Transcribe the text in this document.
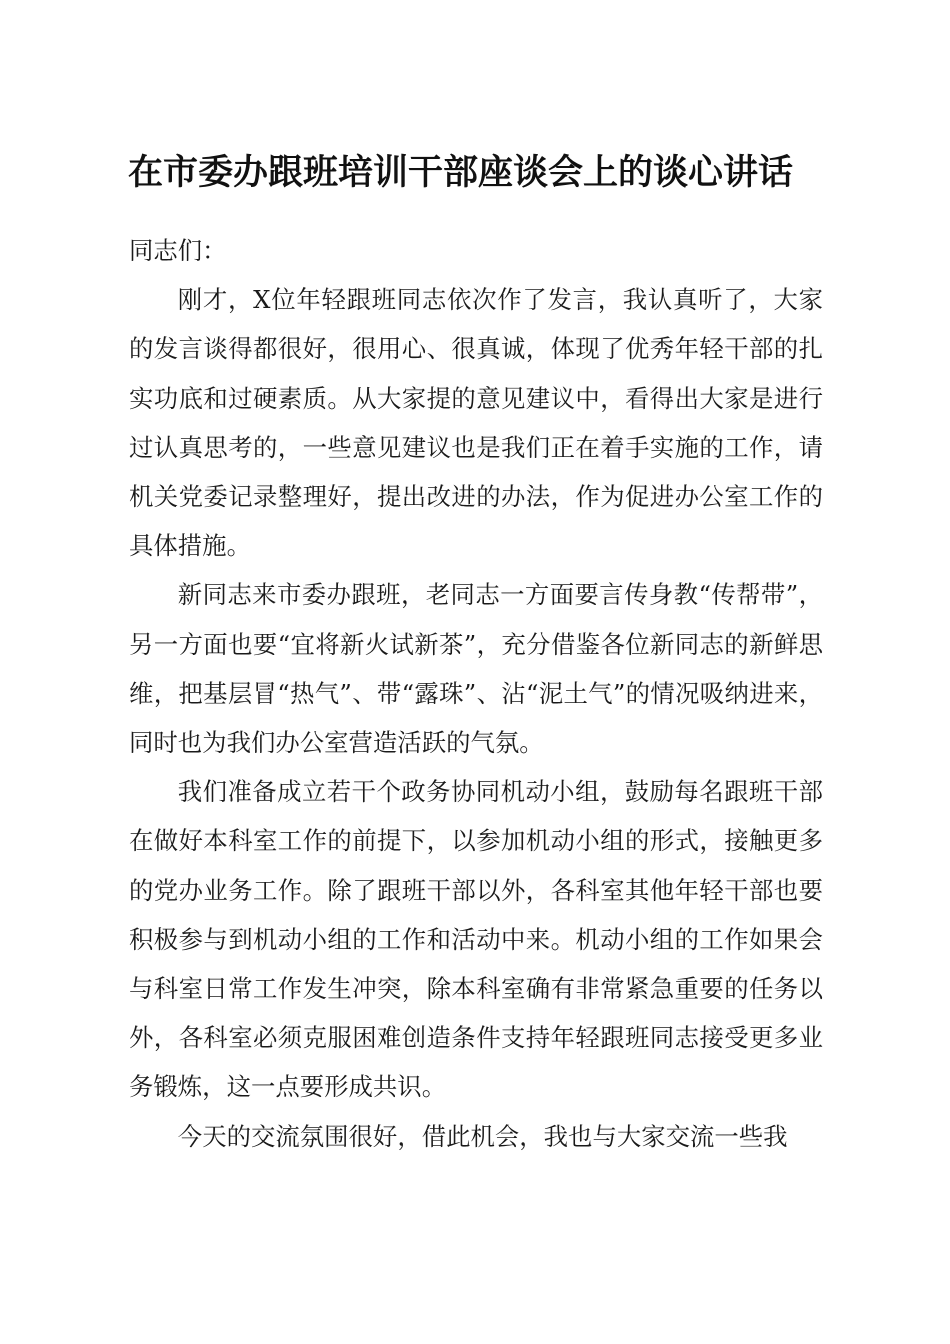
在市委办跟班培训干部座谈会上的谈心讲话

同志们：

刚才，X位年轻跟班同志依次作了发言，我认真听了，大家的发言谈得都很好，很用心、很真诚，体现了优秀年轻干部的扎实功底和过硬素质。从大家提的意见建议中，看得出大家是进行过认真思考的，一些意见建议也是我们正在着手实施的工作，请机关党委记录整理好，提出改进的办法，作为促进办公室工作的具体措施。

新同志来市委办跟班，老同志一方面要言传身教“传帮带”，另一方面也要“宜将新火试新茶”，充分借鉴各位新同志的新鲜思维，把基层冒“热气”、带“露珠”、沾“泥土气”的情况吸纳进来，同时也为我们办公室营造活跃的气氛。

我们准备成立若干个政务协同机动小组，鼓励每名跟班干部在做好本科室工作的前提下，以参加机动小组的形式，接触更多的党办业务工作。除了跟班干部以外，各科室其他年轻干部也要积极参与到机动小组的工作和活动中来。机动小组的工作如果会与科室日常工作发生冲突，除本科室确有非常紧急重要的任务以外，各科室必须克服困难创造条件支持年轻跟班同志接受更多业务锻炼，这一点要形成共识。

今天的交流氛围很好，借此机会，我也与大家交流一些我
